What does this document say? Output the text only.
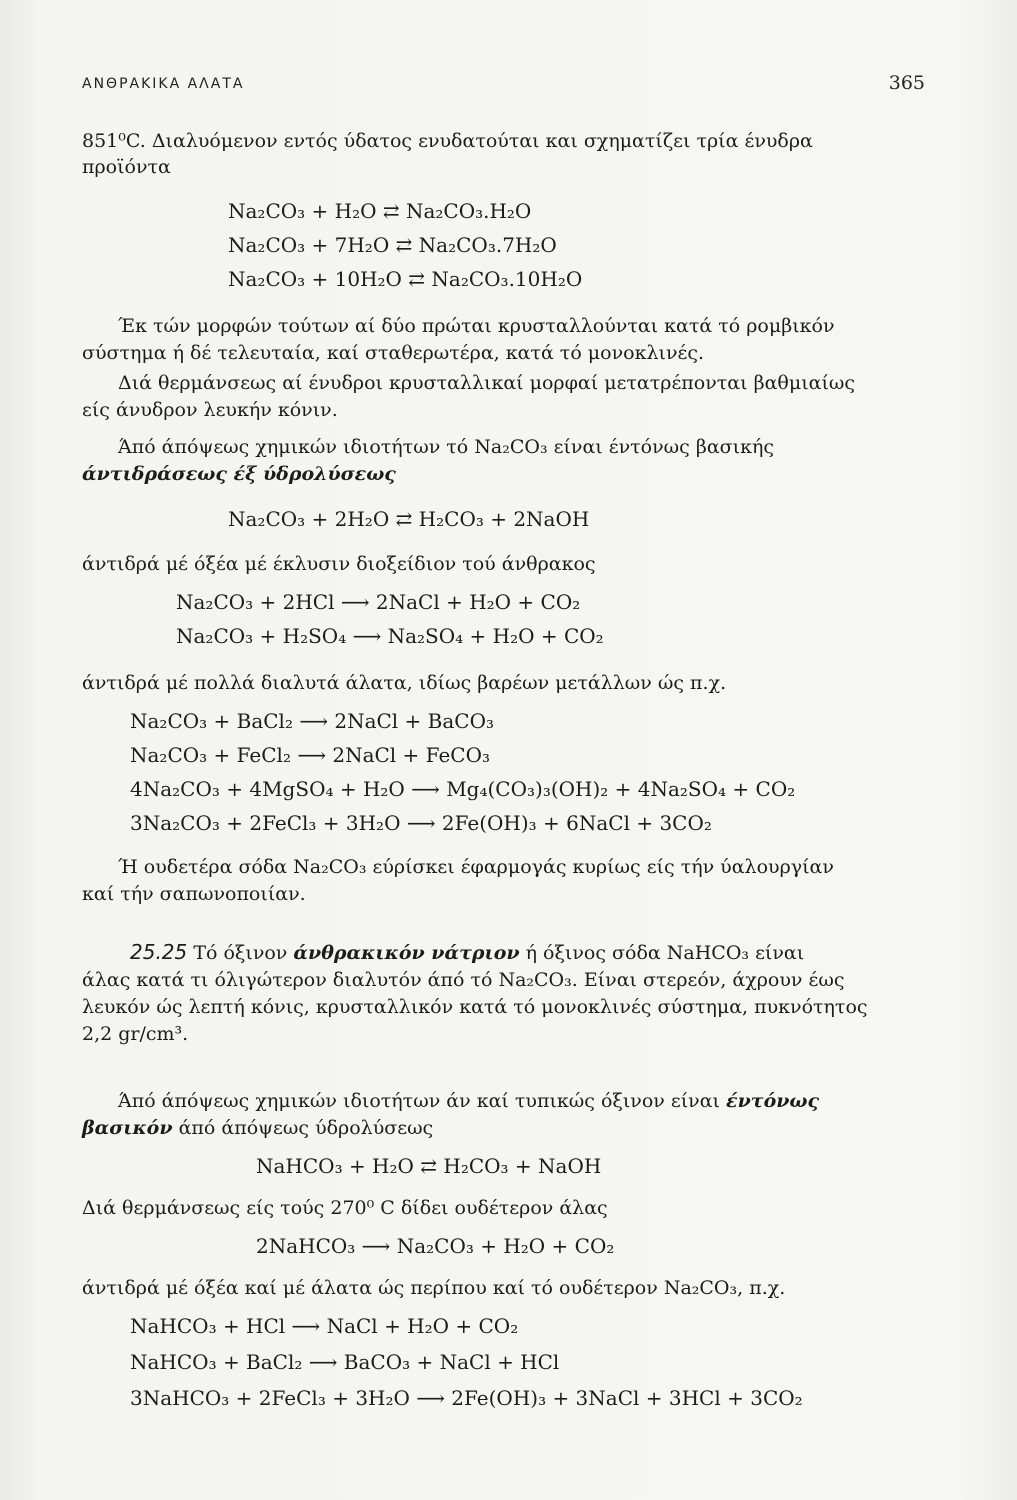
ΑΝΘΡΑΚΙΚΑ ΑΛΑΤΑ	365
851⁰C. Διαλυόμενον εντός ύδατος ενυδατούται και σχηματίζει τρία ένυδρα
προϊόντα
Na₂CO₃ + H₂O ⇄ Na₂CO₃.H₂O
Na₂CO₃ + 7H₂O ⇄ Na₂CO₃.7H₂O
Na₂CO₃ + 10H₂O ⇄ Na₂CO₃.10H₂O
Έκ τών μορφών τούτων αί δύο πρώται κρυσταλλούνται κατά τό ρομβικόν
σύστημα ή δέ τελευταία, καί σταθερωτέρα, κατά τό μονοκλινές.
Διά θερμάνσεως αί ένυδροι κρυσταλλικαί μορφαί μετατρέπονται βαθμιαίως
είς άνυδρον λευκήν κόνιν.
Άπό άπόψεως χημικών ιδιοτήτων τό Na₂CO₃ είναι έντόνως βασικής
άντιδράσεως έξ ύδρολύσεως
Na₂CO₃ + 2H₂O ⇄ H₂CO₃ + 2NaOH
άντιδρά μέ όξέα μέ έκλυσιν διοξείδιον τού άνθρακος
Na₂CO₃ + 2HCl ⟶ 2NaCl + H₂O + CO₂
Na₂CO₃ + H₂SO₄ ⟶ Na₂SO₄ + H₂O + CO₂
άντιδρά μέ πολλά διαλυτά άλατα, ιδίως βαρέων μετάλλων ώς π.χ.
Na₂CO₃ + BaCl₂ ⟶ 2NaCl + BaCO₃
Na₂CO₃ + FeCl₂ ⟶ 2NaCl + FeCO₃
4Na₂CO₃ + 4MgSO₄ + H₂O ⟶ Mg₄(CO₃)₃(OH)₂ + 4Na₂SO₄ + CO₂
3Na₂CO₃ + 2FeCl₃ + 3H₂O ⟶ 2Fe(OH)₃ + 6NaCl + 3CO₂
Ή ουδετέρα σόδα Na₂CO₃ εύρίσκει έφαρμογάς κυρίως είς τήν ύαλουργίαν
καί τήν σαπωνοποιίαν.
25.25 Τό όξινον άνθρακικόν νάτριον ή όξινος σόδα NaHCO₃ είναι
άλας κατά τι όλιγώτερον διαλυτόν άπό τό Na₂CO₃. Είναι στερεόν, άχρουν έως
λευκόν ώς λεπτή κόνις, κρυσταλλικόν κατά τό μονοκλινές σύστημα, πυκνότητος
2,2 gr/cm³.
Άπό άπόψεως χημικών ιδιοτήτων άν καί τυπικώς όξινον είναι έντόνως
βασικόν άπό άπόψεως ύδρολύσεως
NaHCO₃ + H₂O ⇄ H₂CO₃ + NaOH
Διά θερμάνσεως είς τούς 270⁰ C δίδει ουδέτερον άλας
2NaHCO₃ ⟶ Na₂CO₃ + H₂O + CO₂
άντιδρά μέ όξέα καί μέ άλατα ώς περίπου καί τό ουδέτερον Na₂CO₃, π.χ.
NaHCO₃ + HCl ⟶ NaCl + H₂O + CO₂
NaHCO₃ + BaCl₂ ⟶ BaCO₃ + NaCl + HCl
3NaHCO₃ + 2FeCl₃ + 3H₂O ⟶ 2Fe(OH)₃ + 3NaCl + 3HCl + 3CO₂
